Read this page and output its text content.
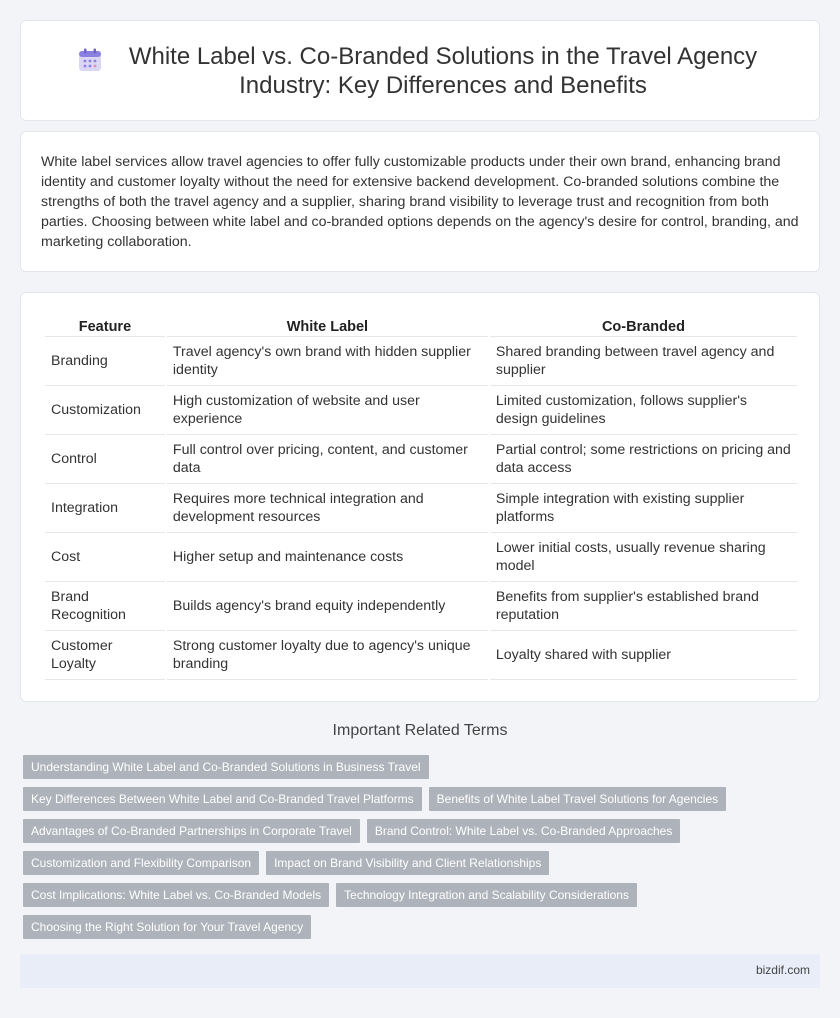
White Label vs. Co-Branded Solutions in the Travel Agency Industry: Key Differences and Benefits

White label services allow travel agencies to offer fully customizable products under their own brand, enhancing brand identity and customer loyalty without the need for extensive backend development. Co-branded solutions combine the strengths of both the travel agency and a supplier, sharing brand visibility to leverage trust and recognition from both parties. Choosing between white label and co-branded options depends on the agency's desire for control, branding, and marketing collaboration.

Feature	White Label	Co-Branded
Branding	Travel agency's own brand with hidden supplier identity	Shared branding between travel agency and supplier
Customization	High customization of website and user experience	Limited customization, follows supplier's design guidelines
Control	Full control over pricing, content, and customer data	Partial control; some restrictions on pricing and data access
Integration	Requires more technical integration and development resources	Simple integration with existing supplier platforms
Cost	Higher setup and maintenance costs	Lower initial costs, usually revenue sharing model
Brand Recognition	Builds agency's brand equity independently	Benefits from supplier's established brand reputation
Customer Loyalty	Strong customer loyalty due to agency's unique branding	Loyalty shared with supplier
Important Related Terms
Understanding White Label and Co-Branded Solutions in Business Travel
Key Differences Between White Label and Co-Branded Travel Platforms	Benefits of White Label Travel Solutions for Agencies
Advantages of Co-Branded Partnerships in Corporate Travel	Brand Control: White Label vs. Co-Branded Approaches
Customization and Flexibility Comparison	Impact on Brand Visibility and Client Relationships
Cost Implications: White Label vs. Co-Branded Models	Technology Integration and Scalability Considerations
Choosing the Right Solution for Your Travel Agency
bizdif.com
